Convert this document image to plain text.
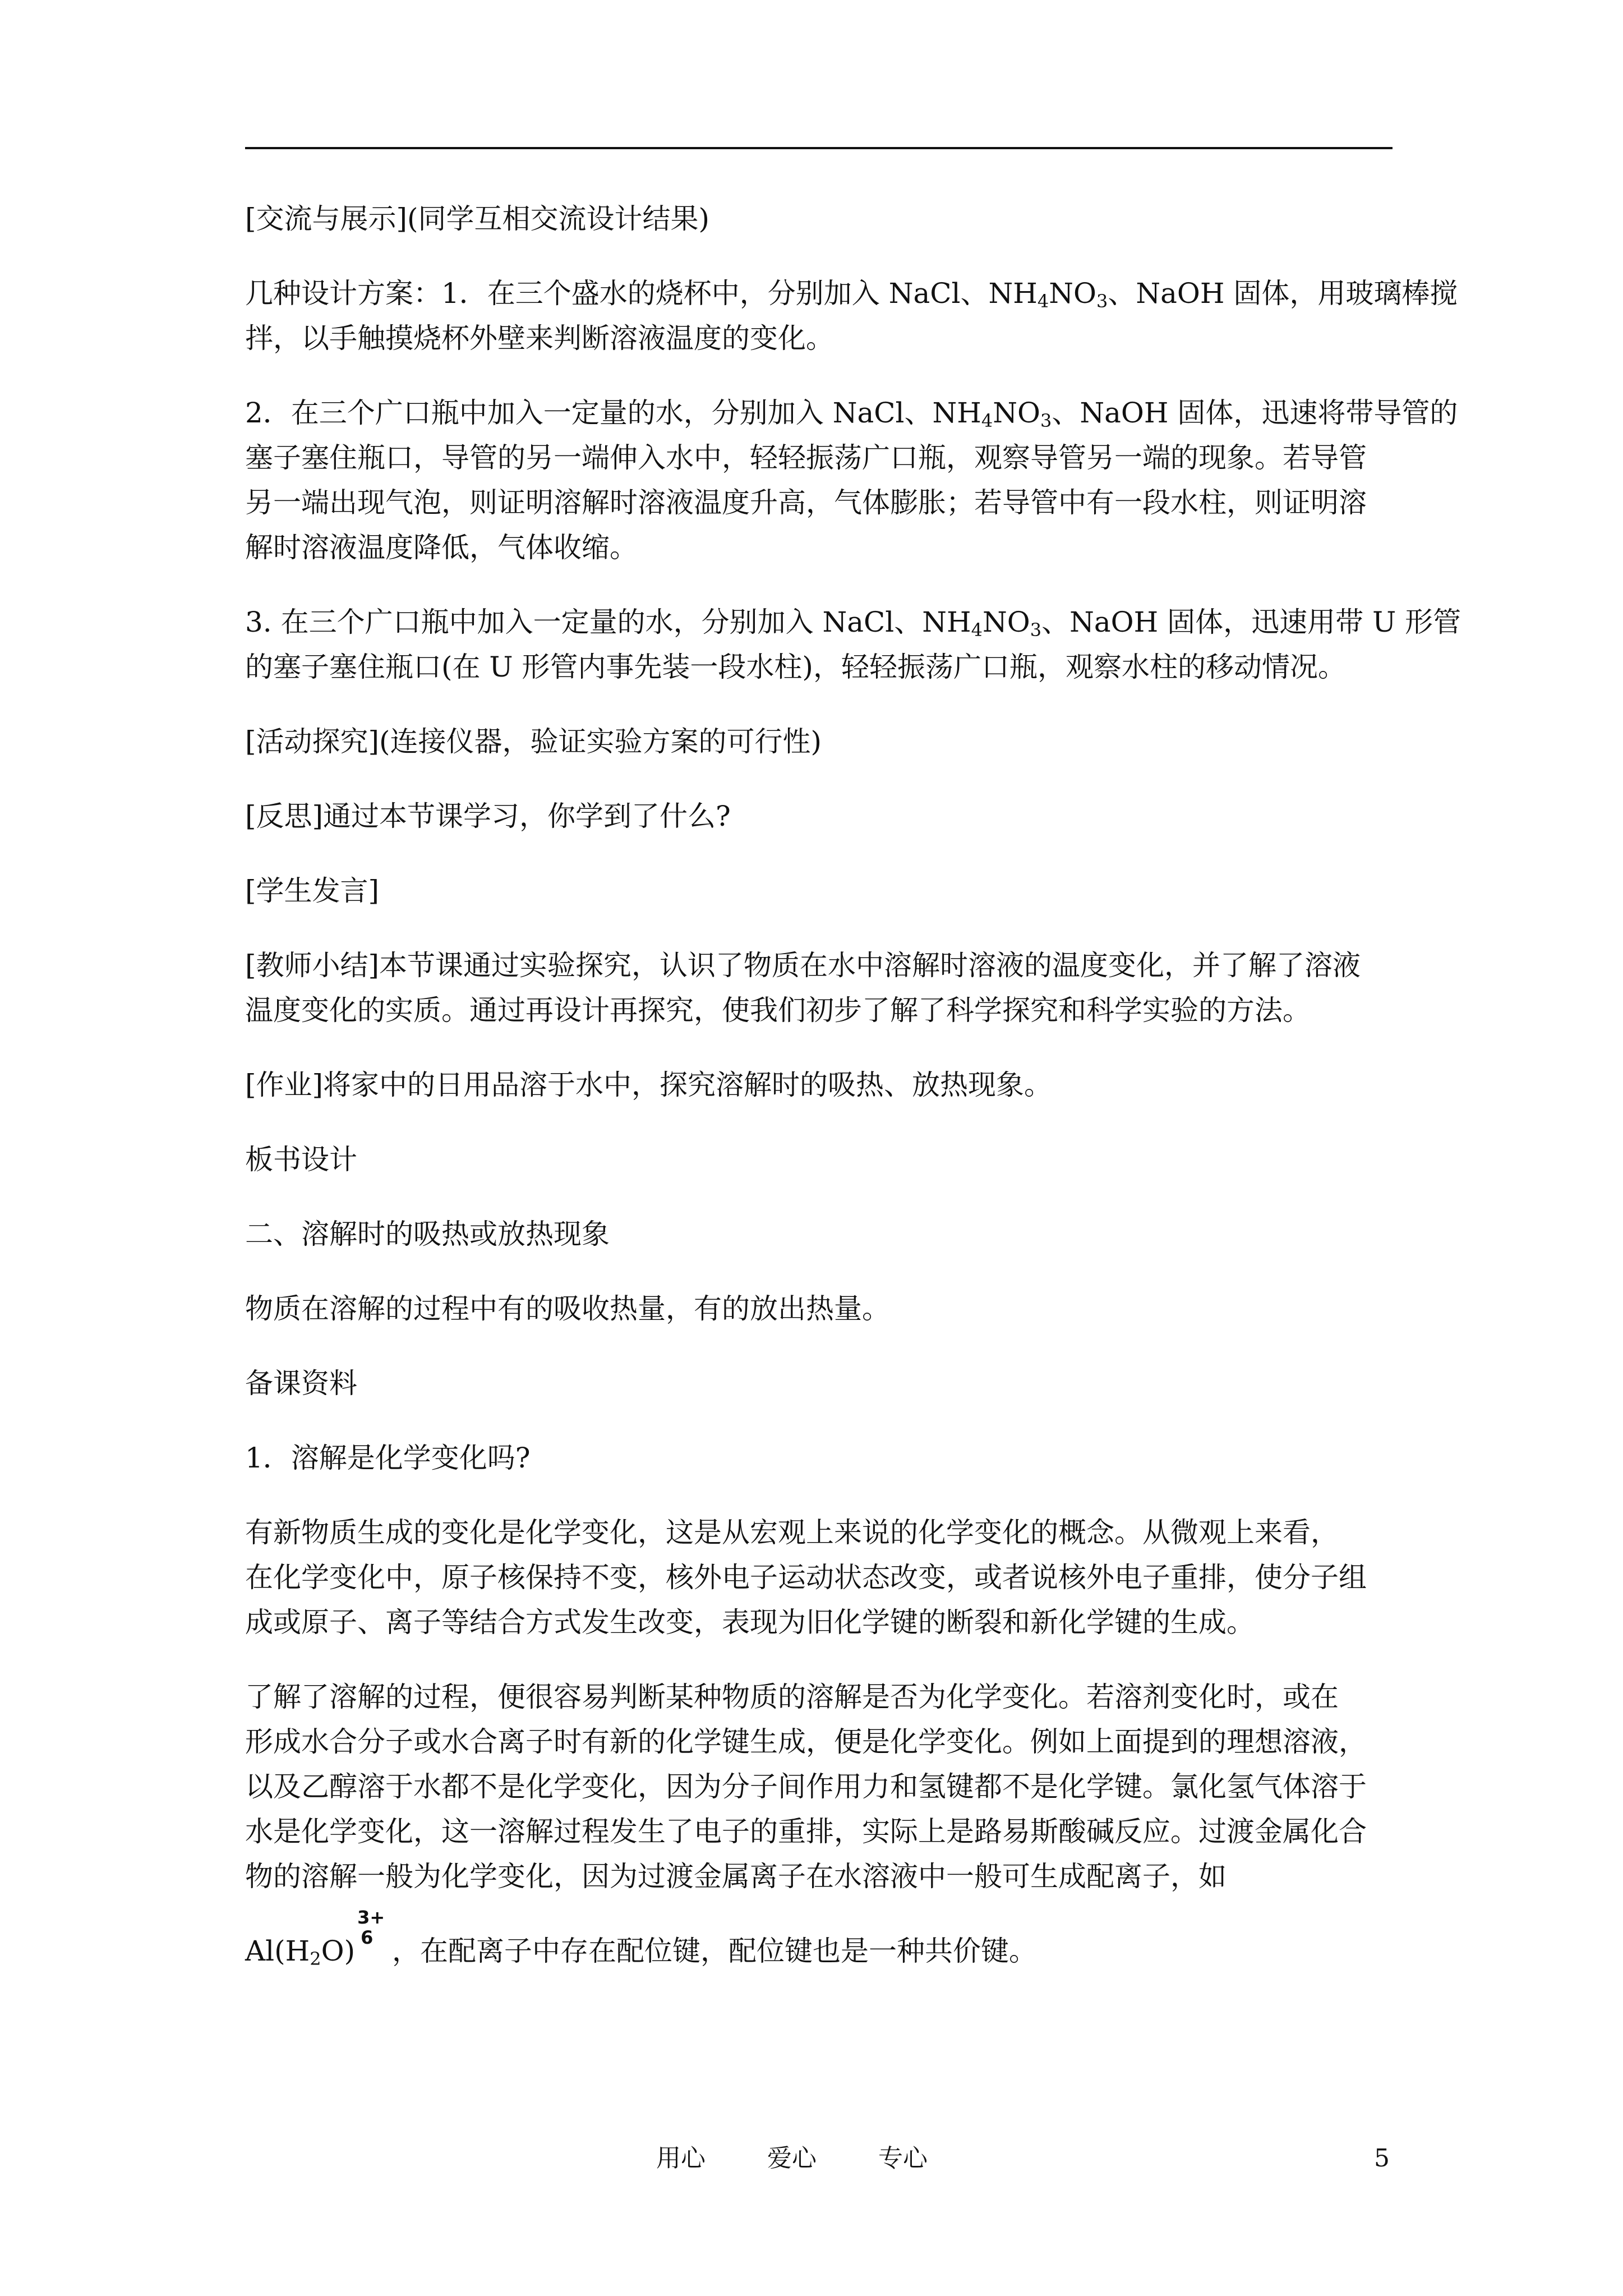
[交流与展示](同学互相交流设计结果)

几种设计方案：1．在三个盛水的烧杯中，分别加入 NaCl、$NH_4NO_3$、NaOH 固体，用玻璃棒搅
拌，以手触摸烧杯外壁来判断溶液温度的变化。

2．在三个广口瓶中加入一定量的水，分别加入 NaCl、$NH_4NO_3$、NaOH 固体，迅速将带导管的
塞子塞住瓶口，导管的另一端伸入水中，轻轻振荡广口瓶，观察导管另一端的现象。若导管
另一端出现气泡，则证明溶解时溶液温度升高，气体膨胀；若导管中有一段水柱，则证明溶
解时溶液温度降低，气体收缩。

3. 在三个广口瓶中加入一定量的水，分别加入 NaCl、$NH_4NO_3$、NaOH 固体，迅速用带 U 形管
的塞子塞住瓶口(在 U 形管内事先装一段水柱)，轻轻振荡广口瓶，观察水柱的移动情况。

[活动探究](连接仪器，验证实验方案的可行性)

[反思]通过本节课学习，你学到了什么?

[学生发言]

[教师小结]本节课通过实验探究，认识了物质在水中溶解时溶液的温度变化，并了解了溶液
温度变化的实质。通过再设计再探究，使我们初步了解了科学探究和科学实验的方法。

[作业]将家中的日用品溶于水中，探究溶解时的吸热、放热现象。

板书设计

二、溶解时的吸热或放热现象

物质在溶解的过程中有的吸收热量，有的放出热量。

备课资料

1．溶解是化学变化吗?

有新物质生成的变化是化学变化，这是从宏观上来说的化学变化的概念。从微观上来看，
在化学变化中，原子核保持不变，核外电子运动状态改变，或者说核外电子重排，使分子组
成或原子、离子等结合方式发生改变，表现为旧化学键的断裂和新化学键的生成。

了解了溶解的过程，便很容易判断某种物质的溶解是否为化学变化。若溶剂变化时，或在
形成水合分子或水合离子时有新的化学键生成，便是化学变化。例如上面提到的理想溶液，
以及乙醇溶于水都不是化学变化，因为分子间作用力和氢键都不是化学键。氯化氢气体溶于
水是化学变化，这一溶解过程发生了电子的重排，实际上是路易斯酸碱反应。过渡金属化合
物的溶解一般为化学变化，因为过渡金属离子在水溶液中一般可生成配离子，如

$Al(H_2O)$
3+
6 ，在配离子中存在配位键，配位键也是一种共价键。

用心	爱心	专心	5
